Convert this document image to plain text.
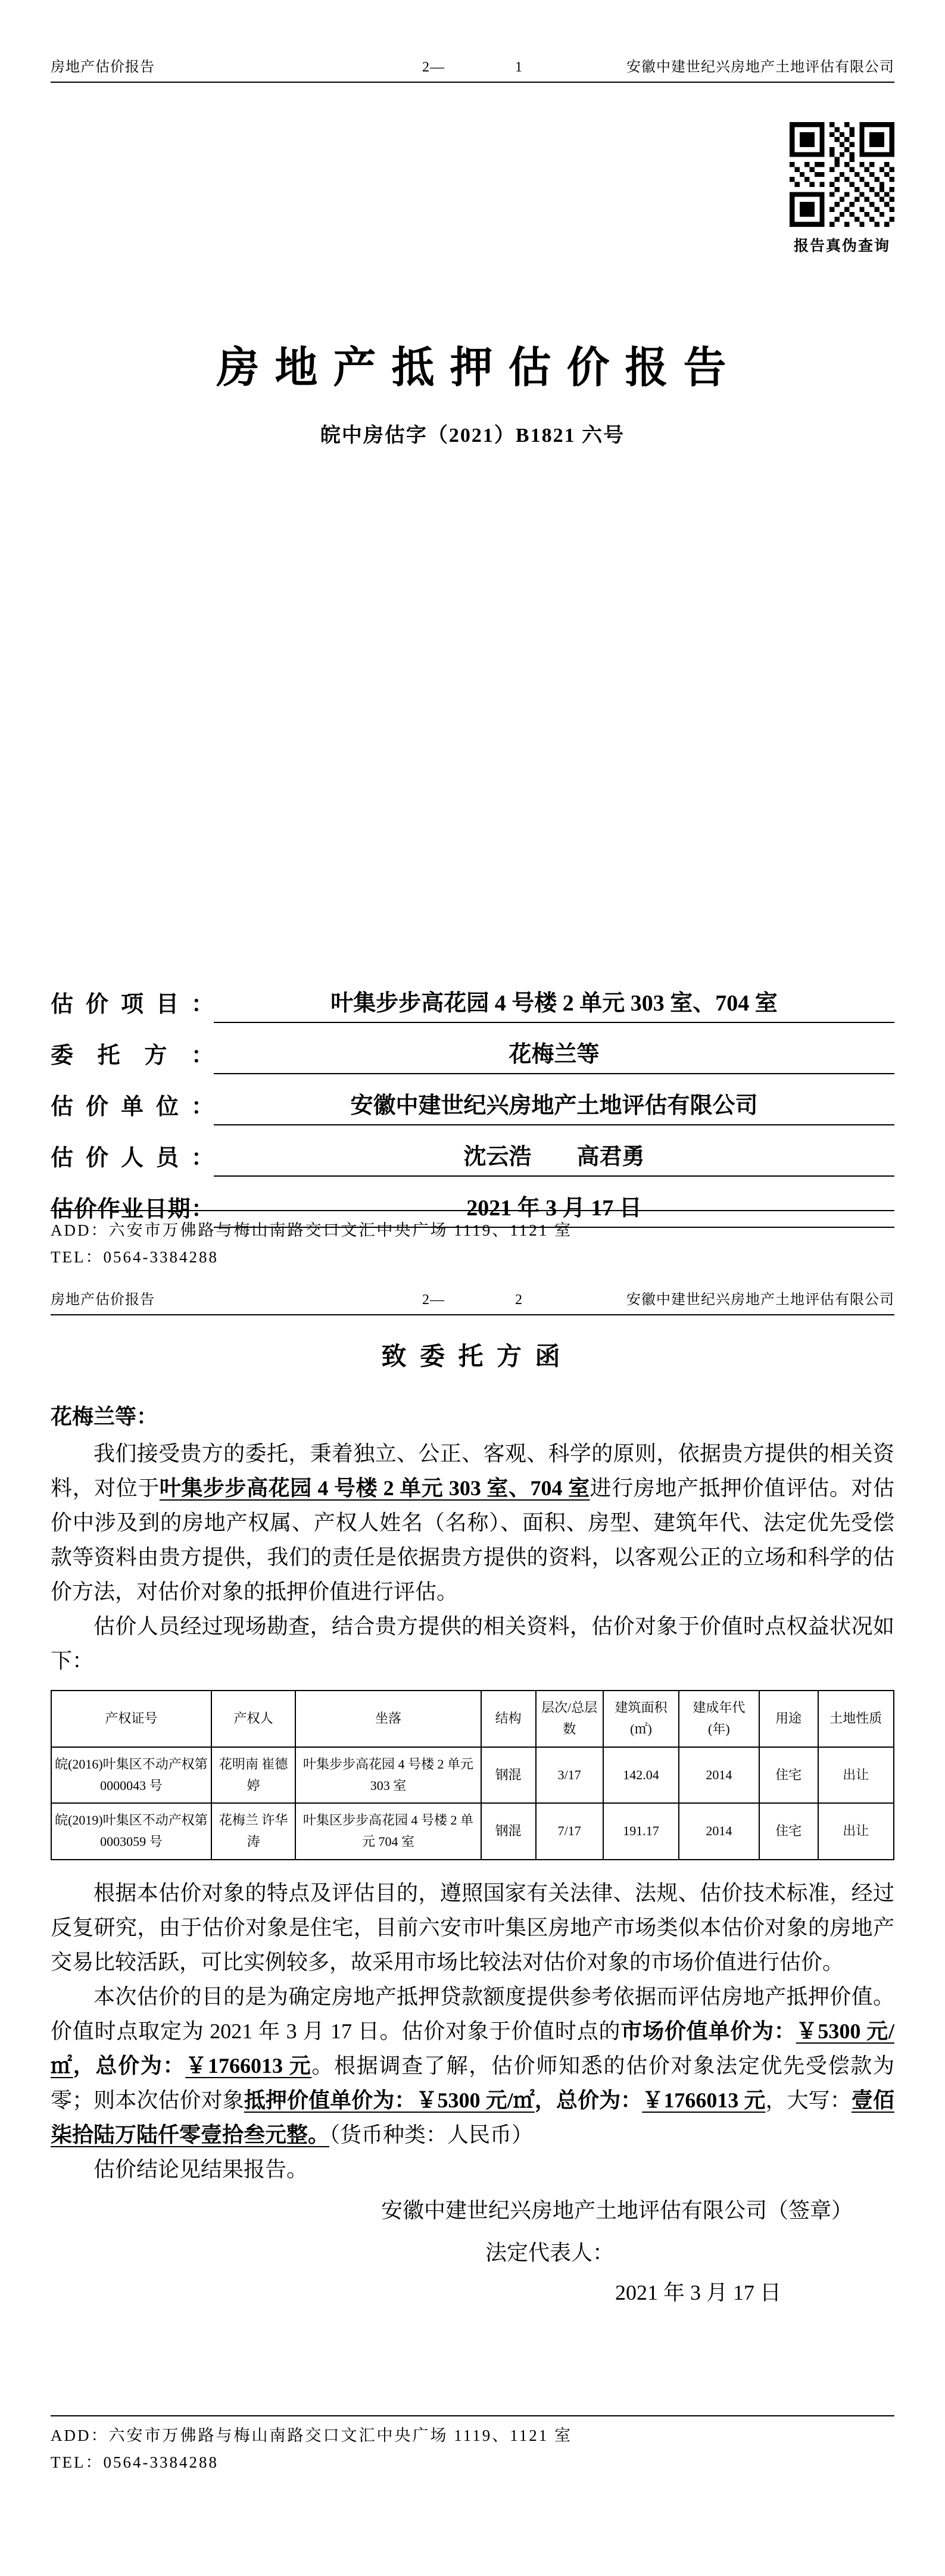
房地产估价报告	2—	1	安徽中建世纪兴房地产土地评估有限公司
报告真伪查询
房 地 产 抵 押 估 价 报 告
皖中房估字（2021）B1821 六号
估价项目：	叶集步步高花园 4 号楼 2 单元 303 室、704 室
委托方：	花梅兰等
估价单位：	安徽中建世纪兴房地产土地评估有限公司
估价人员：	沈云浩　　高君勇
估价作业日期：	2021 年 3 月 17 日
ADD：六安市万佛路与梅山南路交口文汇中央广场 1119、1121 室
TEL：0564-3384288
房地产估价报告	2—	2	安徽中建世纪兴房地产土地评估有限公司
致 委 托 方 函
花梅兰等：

我们接受贵方的委托，秉着独立、公正、客观、科学的原则，依据贵方提供的相关资料，对位于叶集步步高花园 4 号楼 2 单元 303 室、704 室进行房地产抵押价值评估。对估价中涉及到的房地产权属、产权人姓名（名称）、面积、房型、建筑年代、法定优先受偿款等资料由贵方提供，我们的责任是依据贵方提供的资料，以客观公正的立场和科学的估价方法，对估价对象的抵押价值进行评估。

估价人员经过现场勘查，结合贵方提供的相关资料，估价对象于价值时点权益状况如下：

产权证号	产权人	坐落	结构	层次/总层数	建筑面积(㎡)	建成年代(年)	用途	土地性质
皖(2016)叶集区不动产权第 0000043 号	花明南 崔德婷	叶集步步高花园 4 号楼 2 单元 303 室	钢混	3/17	142.04	2014	住宅	出让
皖(2019)叶集区不动产权第 0003059 号	花梅兰 许华涛	叶集区步步高花园 4 号楼 2 单元 704 室	钢混	7/17	191.17	2014	住宅	出让

根据本估价对象的特点及评估目的，遵照国家有关法律、法规、估价技术标准，经过反复研究，由于估价对象是住宅，目前六安市叶集区房地产市场类似本估价对象的房地产交易比较活跃，可比实例较多，故采用市场比较法对估价对象的市场价值进行估价。

本次估价的目的是为确定房地产抵押贷款额度提供参考依据而评估房地产抵押价值。价值时点取定为 2021 年 3 月 17 日。估价对象于价值时点的市场价值单价为：￥5300 元/㎡，总价为：￥1766013 元。根据调查了解，估价师知悉的估价对象法定优先受偿款为零；则本次估价对象抵押价值单价为：￥5300 元/㎡，总价为：￥1766013 元，大写：壹佰柒拾陆万陆仟零壹拾叁元整。（货币种类：人民币）

估价结论见结果报告。

安徽中建世纪兴房地产土地评估有限公司（签章）
法定代表人：
2021 年 3 月 17 日
ADD：六安市万佛路与梅山南路交口文汇中央广场 1119、1121 室
TEL：0564-3384288
